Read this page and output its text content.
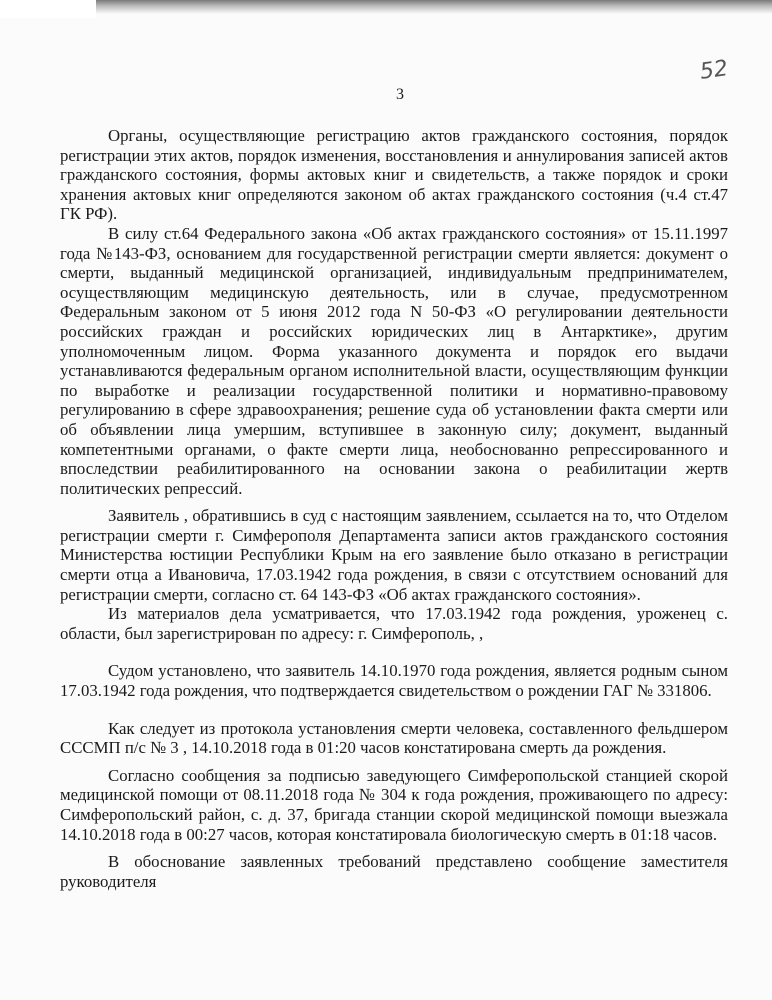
52
3

Органы, осуществляющие регистрацию актов гражданского состояния, порядок регистрации этих актов, порядок изменения, восстановления и аннулирования записей актов гражданского состояния, формы актовых книг и свидетельств, а также порядок и сроки хранения актовых книг определяются законом об актах гражданского состояния (ч.4 ст.47 ГК РФ).

В силу ст.64 Федерального закона «Об актах гражданского состояния» от 15.11.1997 года №143-ФЗ, основанием для государственной регистрации смерти является: документ о смерти, выданный медицинской организацией, индивидуальным предпринимателем, осуществляющим медицинскую деятельность, или в случае, предусмотренном Федеральным законом от 5 июня 2012 года N 50-ФЗ «О регулировании деятельности российских граждан и российских юридических лиц в Антарктике», другим уполномоченным лицом. Форма указанного документа и порядок его выдачи устанавливаются федеральным органом исполнительной власти, осуществляющим функции по выработке и реализации государственной политики и нормативно-правовому регулированию в сфере здравоохранения; решение суда об установлении факта смерти или об объявлении лица умершим, вступившее в законную силу; документ, выданный компетентными органами, о факте смерти лица, необоснованно репрессированного и впоследствии реабилитированного на основании закона о реабилитации жертв политических репрессий.

Заявитель , обратившись в суд с настоящим заявлением, ссылается на то, что Отделом регистрации смерти г. Симферополя Департамента записи актов гражданского состояния Министерства юстиции Республики Крым на его заявление было отказано в регистрации смерти отца а Ивановича, 17.03.1942 года рождения, в связи с отсутствием оснований для регистрации смерти, согласно ст. 64 143-ФЗ «Об актах гражданского состояния».

Из материалов дела усматривается, что 17.03.1942 года рождения, уроженец с. области, был зарегистрирован по адресу: г. Симферополь, ,

Судом установлено, что заявитель 14.10.1970 года рождения, является родным сыном 17.03.1942 года рождения, что подтверждается свидетельством о рождении ГАГ № 331806.

Как следует из протокола установления смерти человека, составленного фельдшером СССМП п/с № 3 , 14.10.2018 года в 01:20 часов констатирована смерть да рождения.

Согласно сообщения за подписью заведующего Симферопольской станцией скорой медицинской помощи от 08.11.2018 года № 304 к года рождения, проживающего по адресу: Симферопольский район, с. д. 37, бригада станции скорой медицинской помощи выезжала 14.10.2018 года в 00:27 часов, которая констатировала биологическую смерть в 01:18 часов.

В обоснование заявленных требований представлено сообщение заместителя руководителя
